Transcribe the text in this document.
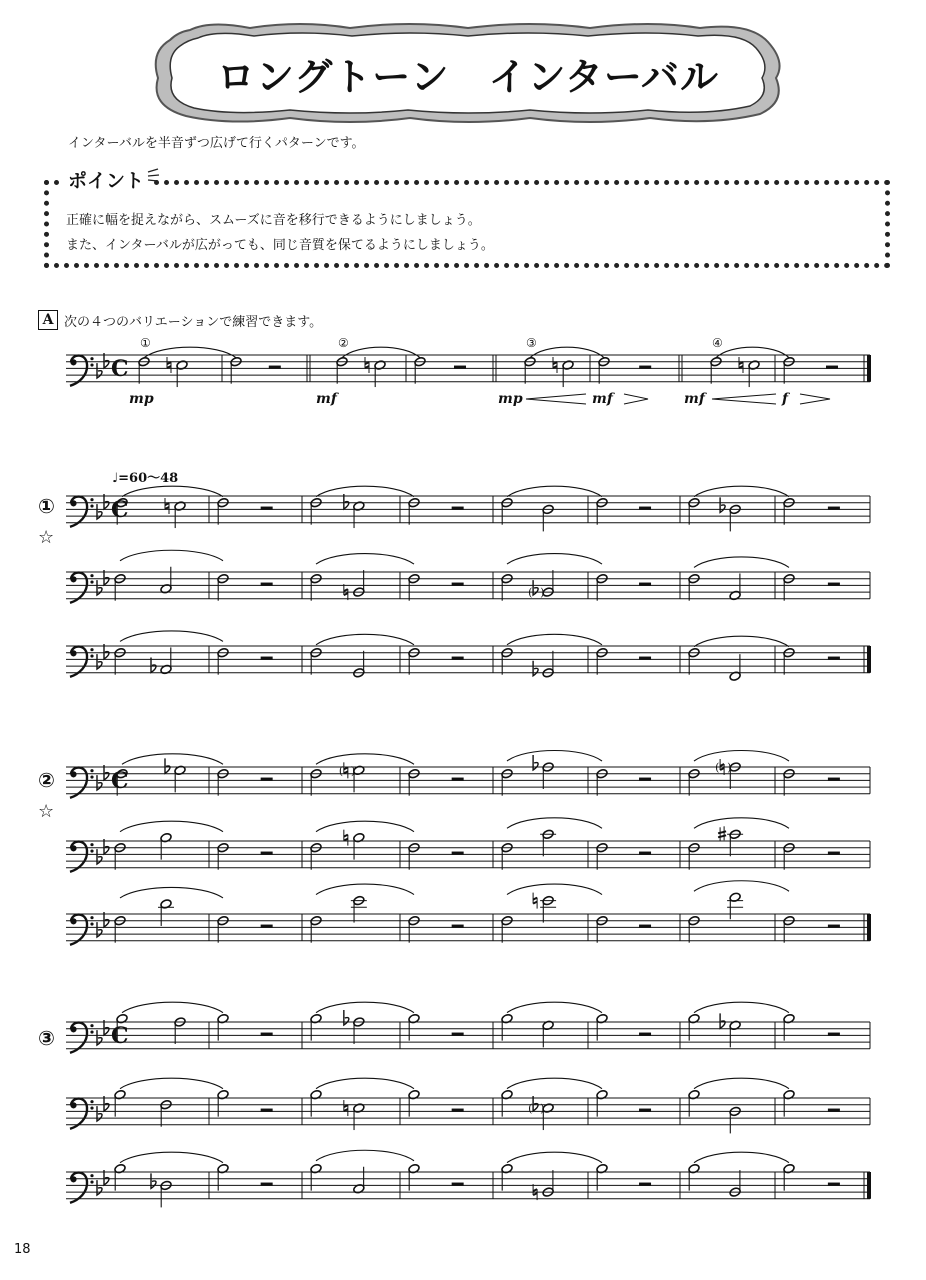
ロングトーン　インターバル
インターバルを半音ずつ広げて行くパターンです。
ポイント
正確に幅を捉えながら、スムーズに音を移行できるようにしましょう。
また、インターバルが広がっても、同じ音質を保てるようにしましょう。
A 次の４つのバリエーションで練習できます。
♩=60～48
18
C
①	②	③	④
mp	mf	mp	mf	mf	f
①
☆
C
( )
②
☆
C	( )	( )
③	C
( )
